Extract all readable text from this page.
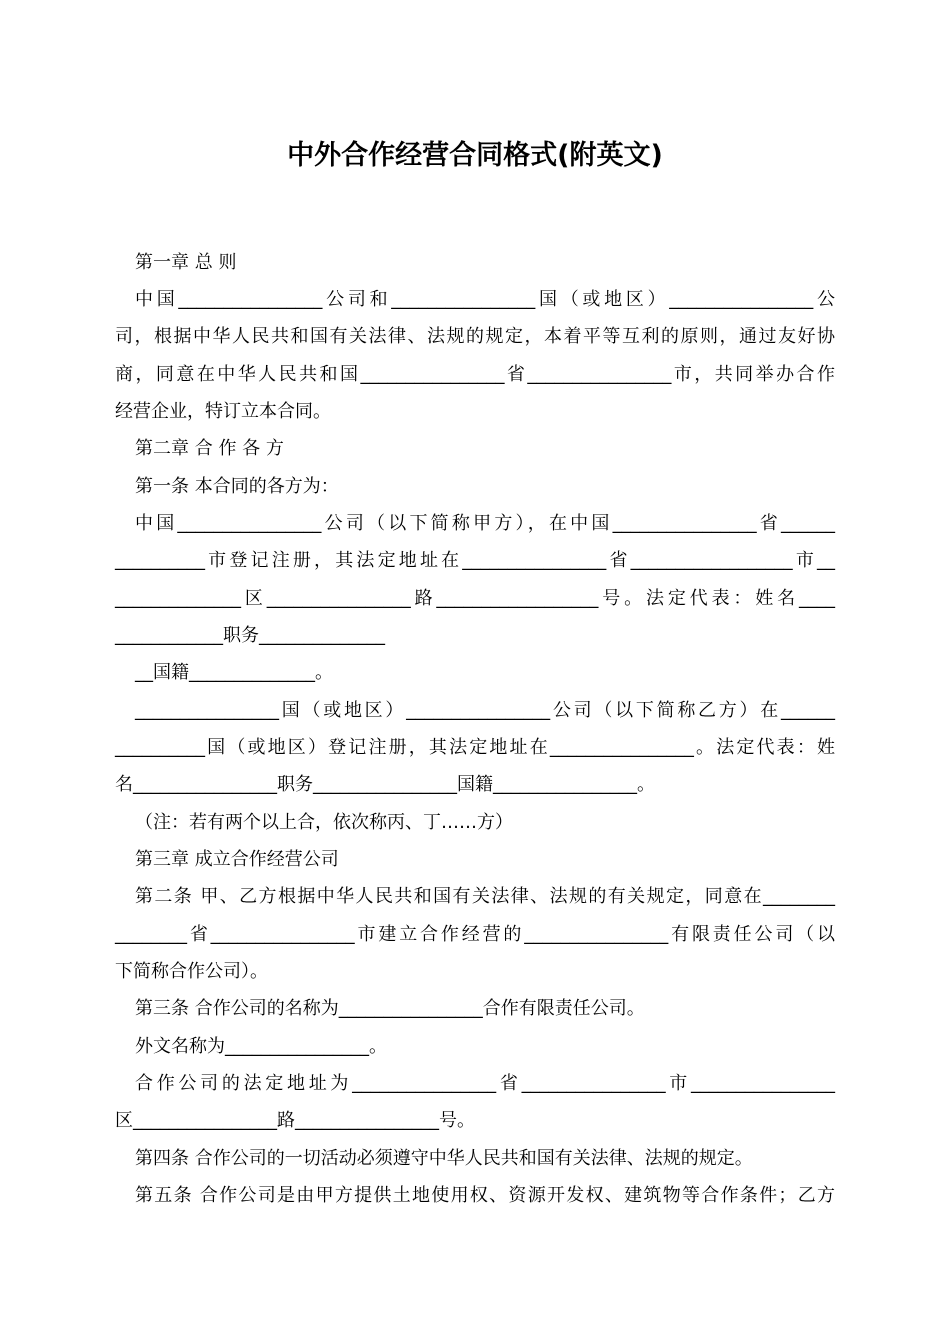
中外合作经营合同格式(附英文)
第一章 总 则
中国________________公司和________________国（或地区）________________公
司，根据中华人民共和国有关法律、法规的规定，本着平等互利的原则，通过友好协
商，同意在中华人民共和国________________省________________市，共同举办合作
经营企业，特订立本合同。
第二章 合 作 各 方
第一条 本合同的各方为：
中国________________公司（以下简称甲方），在中国________________省______
__________市登记注册，其法定地址在________________省__________________市__
______________区________________路__________________号。法定代表：姓名____
____________职务______________
__国籍______________。
________________国（或地区）________________公司（以下简称乙方）在______
__________国（或地区）登记注册，其法定地址在________________。法定代表：姓
名________________职务________________国籍________________。
（注：若有两个以上合，依次称丙、丁……方）
第三章 成立合作经营公司
第二条 甲、乙方根据中华人民共和国有关法律、法规的有关规定，同意在________
________省________________市建立合作经营的________________有限责任公司（以
下简称合作公司）。
第三条 合作公司的名称为________________合作有限责任公司。
外文名称为________________。
合作公司的法定地址为________________省________________市________________
区________________路________________号。
第四条 合作公司的一切活动必须遵守中华人民共和国有关法律、法规的规定。
第五条 合作公司是由甲方提供土地使用权、资源开发权、建筑物等合作条件；乙方
